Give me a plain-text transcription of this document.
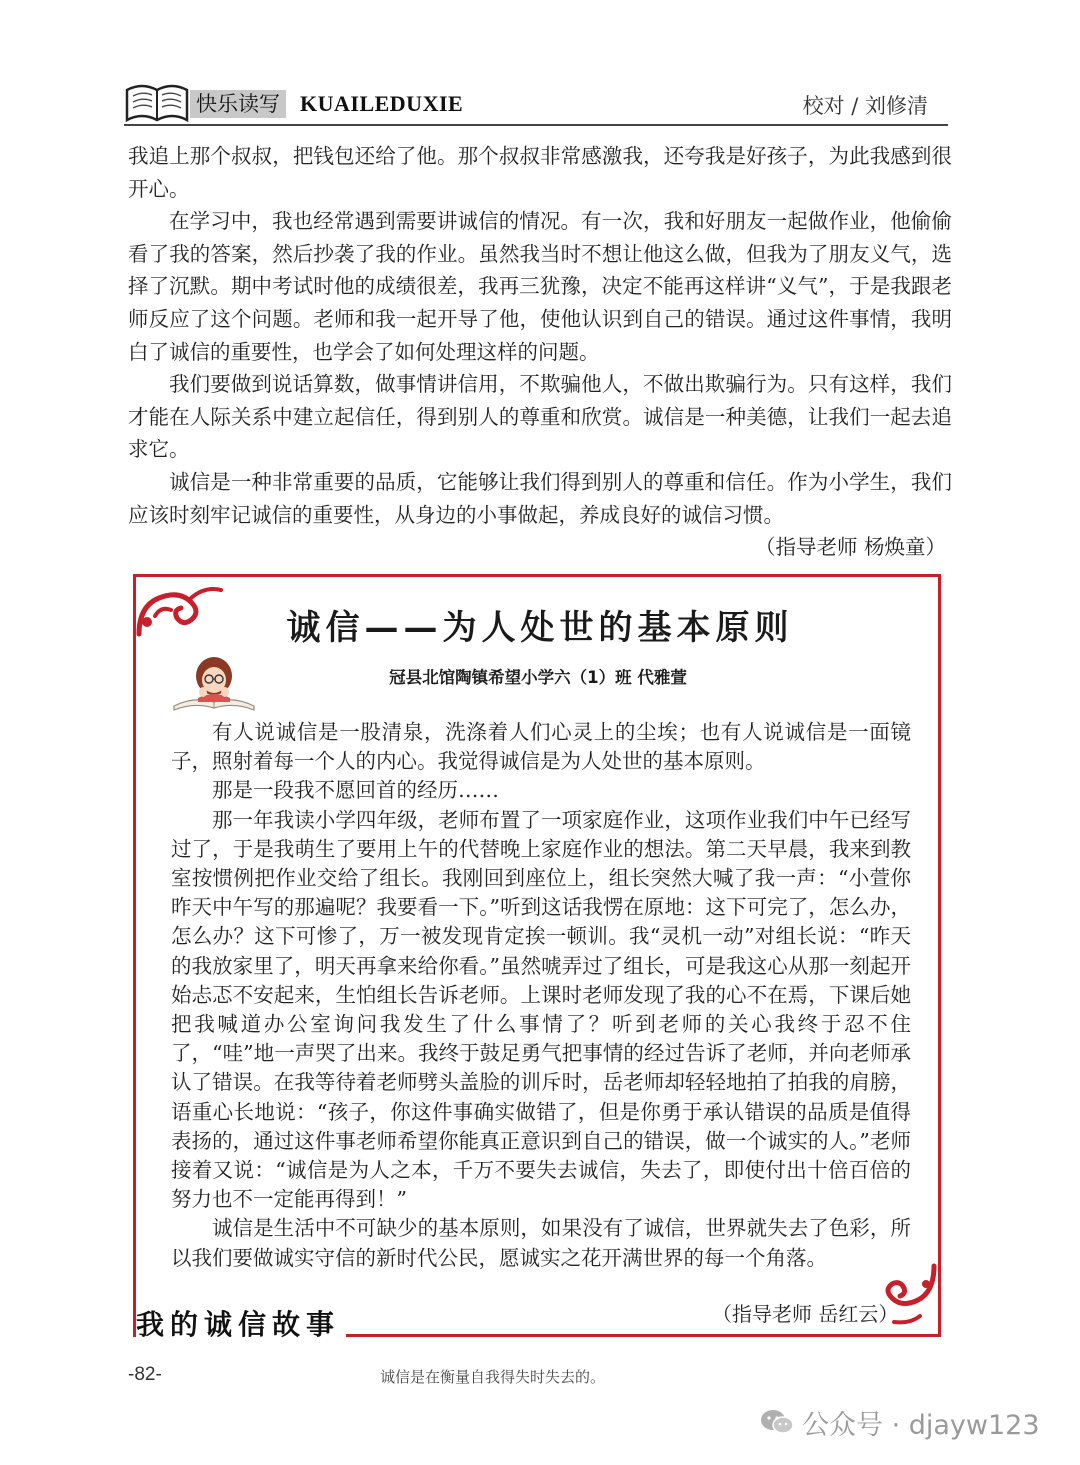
快乐读写 KUAILEDUXIE	校对 / 刘修清

我追上那个叔叔，把钱包还给了他。那个叔叔非常感激我，还夸我是好孩子，为此我感到很开心。

在学习中，我也经常遇到需要讲诚信的情况。有一次，我和好朋友一起做作业，他偷偷看了我的答案，然后抄袭了我的作业。虽然我当时不想让他这么做，但我为了朋友义气，选择了沉默。期中考试时他的成绩很差，我再三犹豫，决定不能再这样讲“义气”，于是我跟老师反应了这个问题。老师和我一起开导了他，使他认识到自己的错误。通过这件事情，我明白了诚信的重要性，也学会了如何处理这样的问题。

我们要做到说话算数，做事情讲信用，不欺骗他人，不做出欺骗行为。只有这样，我们才能在人际关系中建立起信任，得到别人的尊重和欣赏。诚信是一种美德，让我们一起去追求它。

诚信是一种非常重要的品质，它能够让我们得到别人的尊重和信任。作为小学生，我们应该时刻牢记诚信的重要性，从身边的小事做起，养成良好的诚信习惯。

（指导老师 杨焕童）

诚信——为人处世的基本原则
冠县北馆陶镇希望小学六（1）班 代雅萱

有人说诚信是一股清泉，洗涤着人们心灵上的尘埃；也有人说诚信是一面镜子，照射着每一个人的内心。我觉得诚信是为人处世的基本原则。

那是一段我不愿回首的经历……

那一年我读小学四年级，老师布置了一项家庭作业，这项作业我们中午已经写过了，于是我萌生了要用上午的代替晚上家庭作业的想法。第二天早晨，我来到教室按惯例把作业交给了组长。我刚回到座位上，组长突然大喊了我一声：“小萱你昨天中午写的那遍呢？我要看一下。”听到这话我愣在原地：这下可完了，怎么办，怎么办？这下可惨了，万一被发现肯定挨一顿训。我“灵机一动”对组长说：“昨天的我放家里了，明天再拿来给你看。”虽然唬弄过了组长，可是我这心从那一刻起开始忐忑不安起来，生怕组长告诉老师。上课时老师发现了我的心不在焉，下课后她把我喊道办公室询问我发生了什么事情了？听到老师的关心我终于忍不住了，“哇”地一声哭了出来。我终于鼓足勇气把事情的经过告诉了老师，并向老师承认了错误。在我等待着老师劈头盖脸的训斥时，岳老师却轻轻地拍了拍我的肩膀，语重心长地说：“孩子，你这件事确实做错了，但是你勇于承认错误的品质是值得表扬的，通过这件事老师希望你能真正意识到自己的错误，做一个诚实的人。”老师接着又说：“诚信是为人之本，千万不要失去诚信，失去了，即使付出十倍百倍的努力也不一定能再得到！”

诚信是生活中不可缺少的基本原则，如果没有了诚信，世界就失去了色彩，所以我们要做诚实守信的新时代公民，愿诚实之花开满世界的每一个角落。

我的诚信故事	（指导老师 岳红云）
-82-	诚信是在衡量自我得失时失去的。
公众号 · djayw123
